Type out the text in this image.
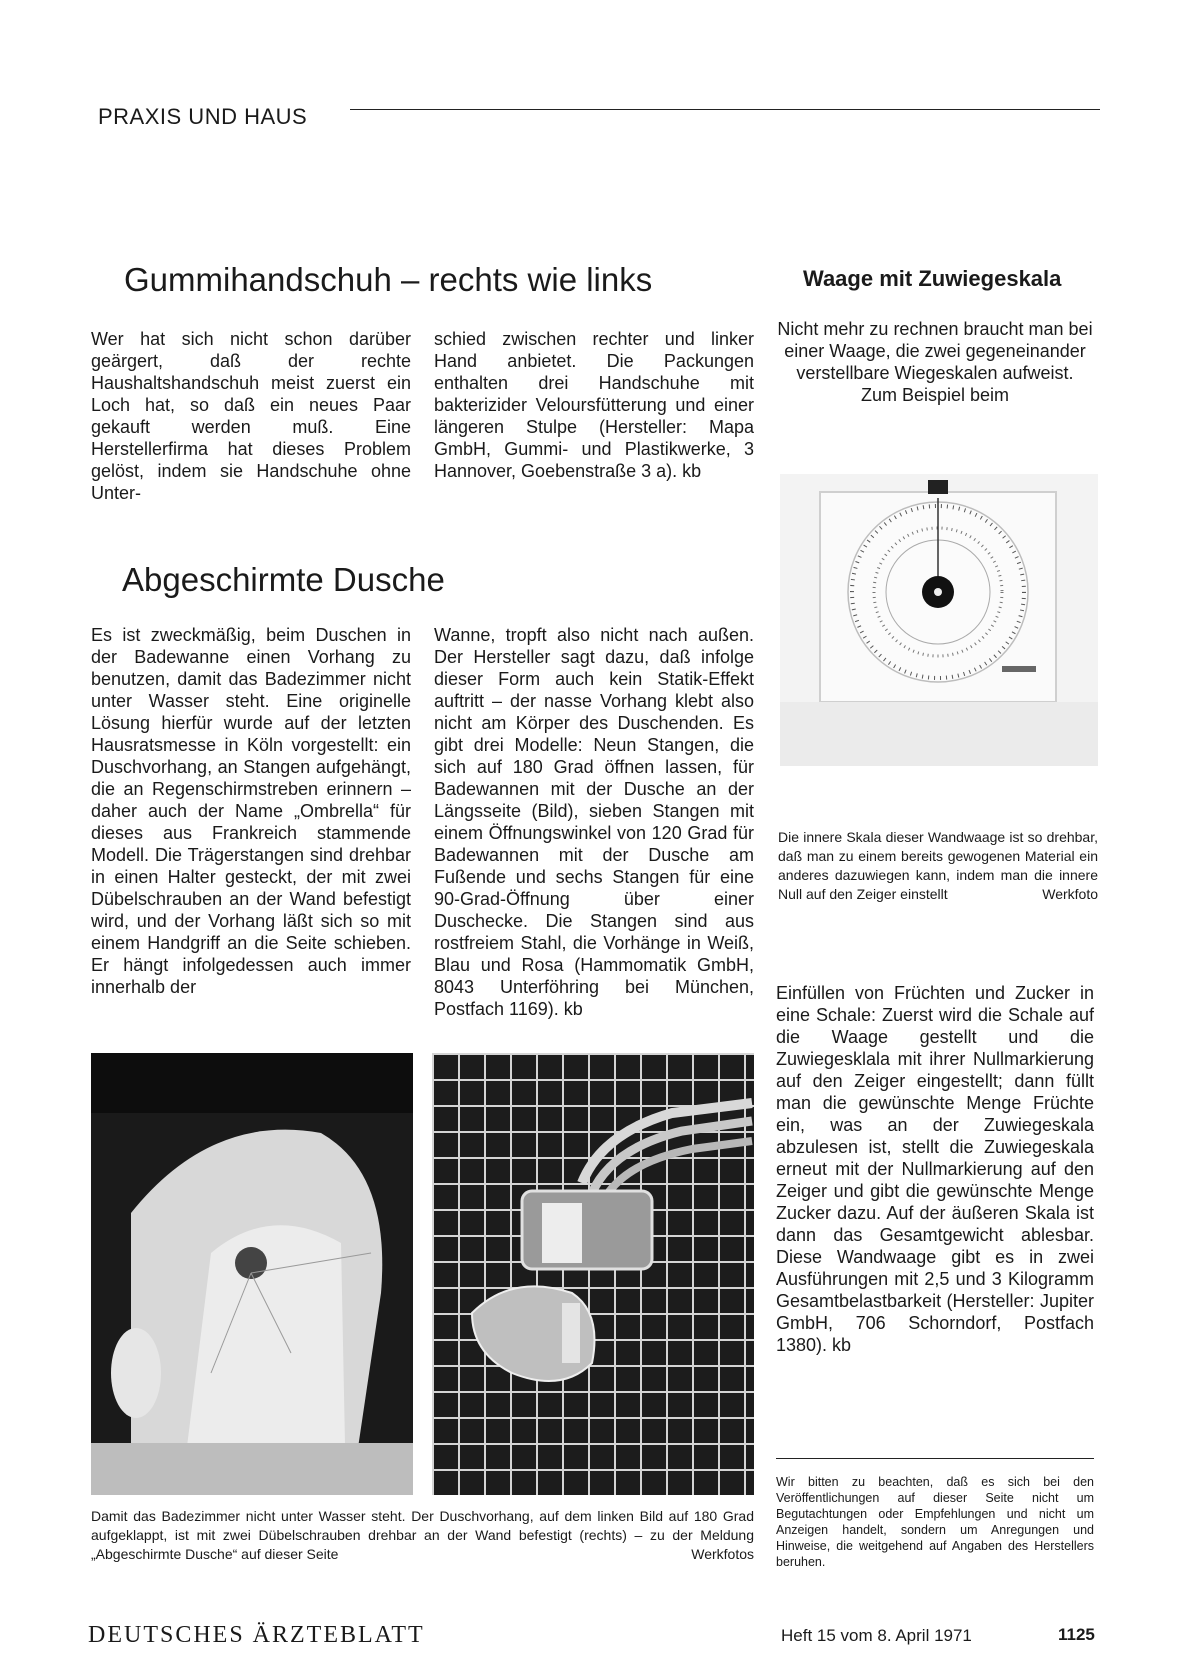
PRAXIS UND HAUS
Gummihandschuh – rechts wie links
Wer hat sich nicht schon darüber geärgert, daß der rechte Haushaltshandschuh meist zuerst ein Loch hat, so daß ein neues Paar gekauft werden muß. Eine Herstellerfirma hat dieses Problem gelöst, indem sie Handschuhe ohne Unter-
schied zwischen rechter und linker Hand anbietet. Die Packungen enthalten drei Handschuhe mit bakterizider Veloursfütterung und einer längeren Stulpe (Hersteller: Mapa GmbH, Gummi- und Plastikwerke, 3 Hannover, Goebenstraße 3 a). kb
Waage mit Zuwiegeskala
Nicht mehr zu rechnen braucht man bei einer Waage, die zwei gegeneinander verstellbare Wiegeskalen aufweist. Zum Beispiel beim
Die innere Skala dieser Wandwaage ist so drehbar, daß man zu einem bereits gewogenen Material ein anderes dazuwiegen kann, indem man die innere Null auf den Zeiger einstellt	Werkfoto
Abgeschirmte Dusche
Es ist zweckmäßig, beim Duschen in der Badewanne einen Vorhang zu benutzen, damit das Badezimmer nicht unter Wasser steht. Eine originelle Lösung hierfür wurde auf der letzten Hausratsmesse in Köln vorgestellt: ein Duschvorhang, an Stangen aufgehängt, die an Regenschirmstreben erinnern – daher auch der Name „Ombrella“ für dieses aus Frankreich stammende Modell. Die Trägerstangen sind drehbar in einen Halter gesteckt, der mit zwei Dübelschrauben an der Wand befestigt wird, und der Vorhang läßt sich so mit einem Handgriff an die Seite schieben. Er hängt infolgedessen auch immer innerhalb der
Wanne, tropft also nicht nach außen. Der Hersteller sagt dazu, daß infolge dieser Form auch kein Statik-Effekt auftritt – der nasse Vorhang klebt also nicht am Körper des Duschenden. Es gibt drei Modelle: Neun Stangen, die sich auf 180 Grad öffnen lassen, für Badewannen mit der Dusche an der Längsseite (Bild), sieben Stangen mit einem Öffnungswinkel von 120 Grad für Badewannen mit der Dusche am Fußende und sechs Stangen für eine 90-Grad-Öffnung über einer Duschecke. Die Stangen sind aus rostfreiem Stahl, die Vorhänge in Weiß, Blau und Rosa (Hammomatik GmbH, 8043 Unterföhring bei München, Postfach 1169). kb
Damit das Badezimmer nicht unter Wasser steht. Der Duschvorhang, auf dem linken Bild auf 180 Grad aufgeklappt, ist mit zwei Dübelschrauben drehbar an der Wand befestigt (rechts) – zu der Meldung „Abgeschirmte Dusche“ auf dieser Seite	Werkfotos
Einfüllen von Früchten und Zucker in eine Schale: Zuerst wird die Schale auf die Waage gestellt und die Zuwiegesklala mit ihrer Nullmarkierung auf den Zeiger eingestellt; dann füllt man die gewünschte Menge Früchte ein, was an der Zuwiegeskala abzulesen ist, stellt die Zuwiegeskala erneut mit der Nullmarkierung auf den Zeiger und gibt die gewünschte Menge Zucker dazu. Auf der äußeren Skala ist dann das Gesamtgewicht ablesbar. Diese Wandwaage gibt es in zwei Ausführungen mit 2,5 und 3 Kilogramm Gesamtbelastbarkeit (Hersteller: Jupiter GmbH, 706 Schorndorf, Postfach 1380). kb
Wir bitten zu beachten, daß es sich bei den Veröffentlichungen auf dieser Seite nicht um Begutachtungen oder Empfehlungen und nicht um Anzeigen handelt, sondern um Anregungen und Hinweise, die weitgehend auf Angaben des Herstellers beruhen.
DEUTSCHES ÄRZTEBLATT	Heft 15 vom 8. April 1971	1125
